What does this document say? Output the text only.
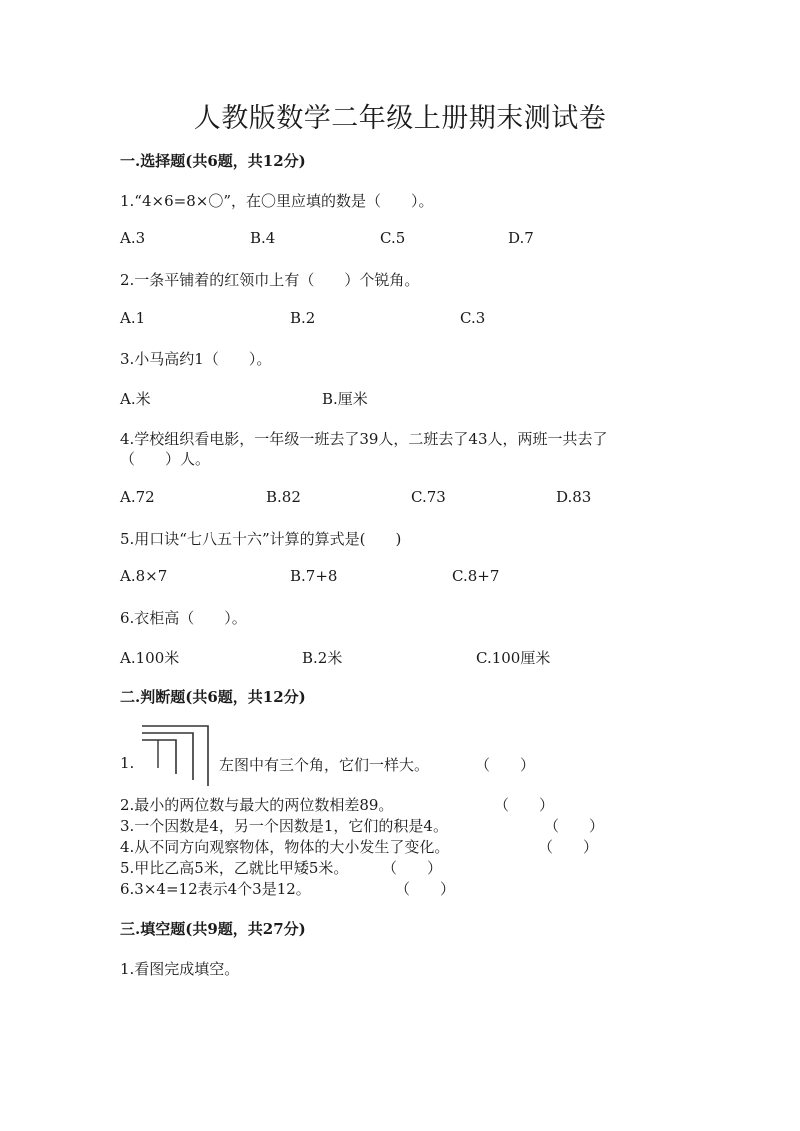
人教版数学二年级上册期末测试卷
一.选择题(共6题，共12分)
1.“4×6=8×〇”，在〇里应填的数是（　　）。
A.3	B.4	C.5	D.7
2.一条平铺着的红领巾上有（　　）个锐角。
A.1	B.2	C.3
3.小马高约1（　　）。
A.米	B.厘米
4.学校组织看电影，一年级一班去了39人，二班去了43人，两班一共去了
（　　）人。
A.72	B.82	C.73	D.83
5.用口诀“七八五十六”计算的算式是(　　)
A.8×7	B.7+8	C.8+7
6.衣柜高（　　）。
A.100米	B.2米	C.100厘米
二.判断题(共6题，共12分)
1.	左图中有三个角，它们一样大。	（　　）
2.最小的两位数与最大的两位数相差89。	（　　）
3.一个因数是4，另一个因数是1，它们的积是4。	（　　）
4.从不同方向观察物体，物体的大小发生了变化。	（　　）
5.甲比乙高5米，乙就比甲矮5米。 （　　）
6.3×4=12表示4个3是12。	（　　）
三.填空题(共9题，共27分)
1.看图完成填空。
